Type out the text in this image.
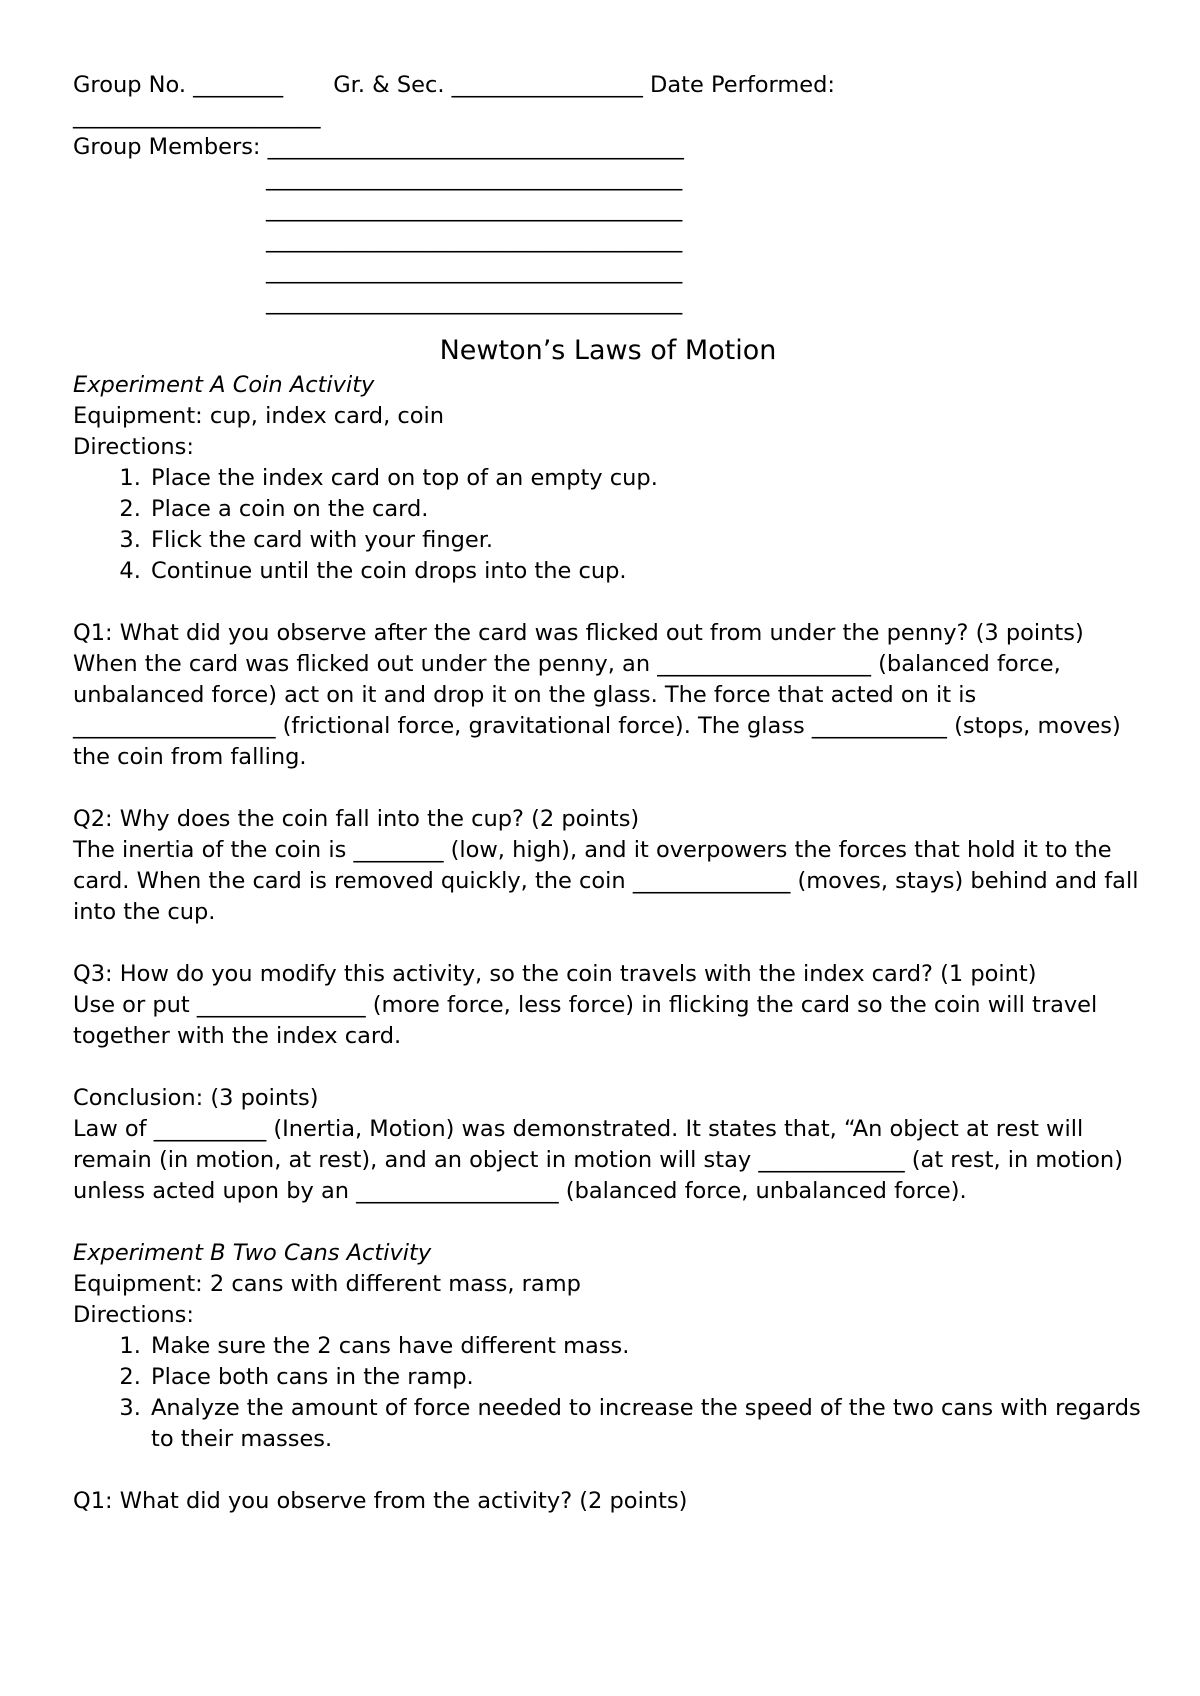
Group No. ________       Gr. & Sec. _________________ Date Performed:
______________________
Group Members: _____________________________________
_____________________________________
_____________________________________
_____________________________________
_____________________________________
_____________________________________
Newton’s Laws of Motion
Experiment A Coin Activity
Equipment: cup, index card, coin
Directions:
1. Place the index card on top of an empty cup.
2. Place a coin on the card.
3. Flick the card with your finger.
4. Continue until the coin drops into the cup.
Q1: What did you observe after the card was flicked out from under the penny? (3 points)
When the card was flicked out under the penny, an ___________________ (balanced force, unbalanced force) act on it and drop it on the glass. The force that acted on it is __________________ (frictional force, gravitational force). The glass ____________ (stops, moves) the coin from falling.
Q2: Why does the coin fall into the cup? (2 points)
The inertia of the coin is ________ (low, high), and it overpowers the forces that hold it to the card. When the card is removed quickly, the coin ______________ (moves, stays) behind and fall into the cup.
Q3: How do you modify this activity, so the coin travels with the index card? (1 point)
Use or put _______________ (more force, less force) in flicking the card so the coin will travel together with the index card.
Conclusion: (3 points)
Law of __________ (Inertia, Motion) was demonstrated. It states that, “An object at rest will remain (in motion, at rest), and an object in motion will stay _____________ (at rest, in motion) unless acted upon by an __________________ (balanced force, unbalanced force).
Experiment B Two Cans Activity
Equipment: 2 cans with different mass, ramp
Directions:
1. Make sure the 2 cans have different mass.
2. Place both cans in the ramp.
3. Analyze the amount of force needed to increase the speed of the two cans with regards to their masses.
Q1: What did you observe from the activity? (2 points)
